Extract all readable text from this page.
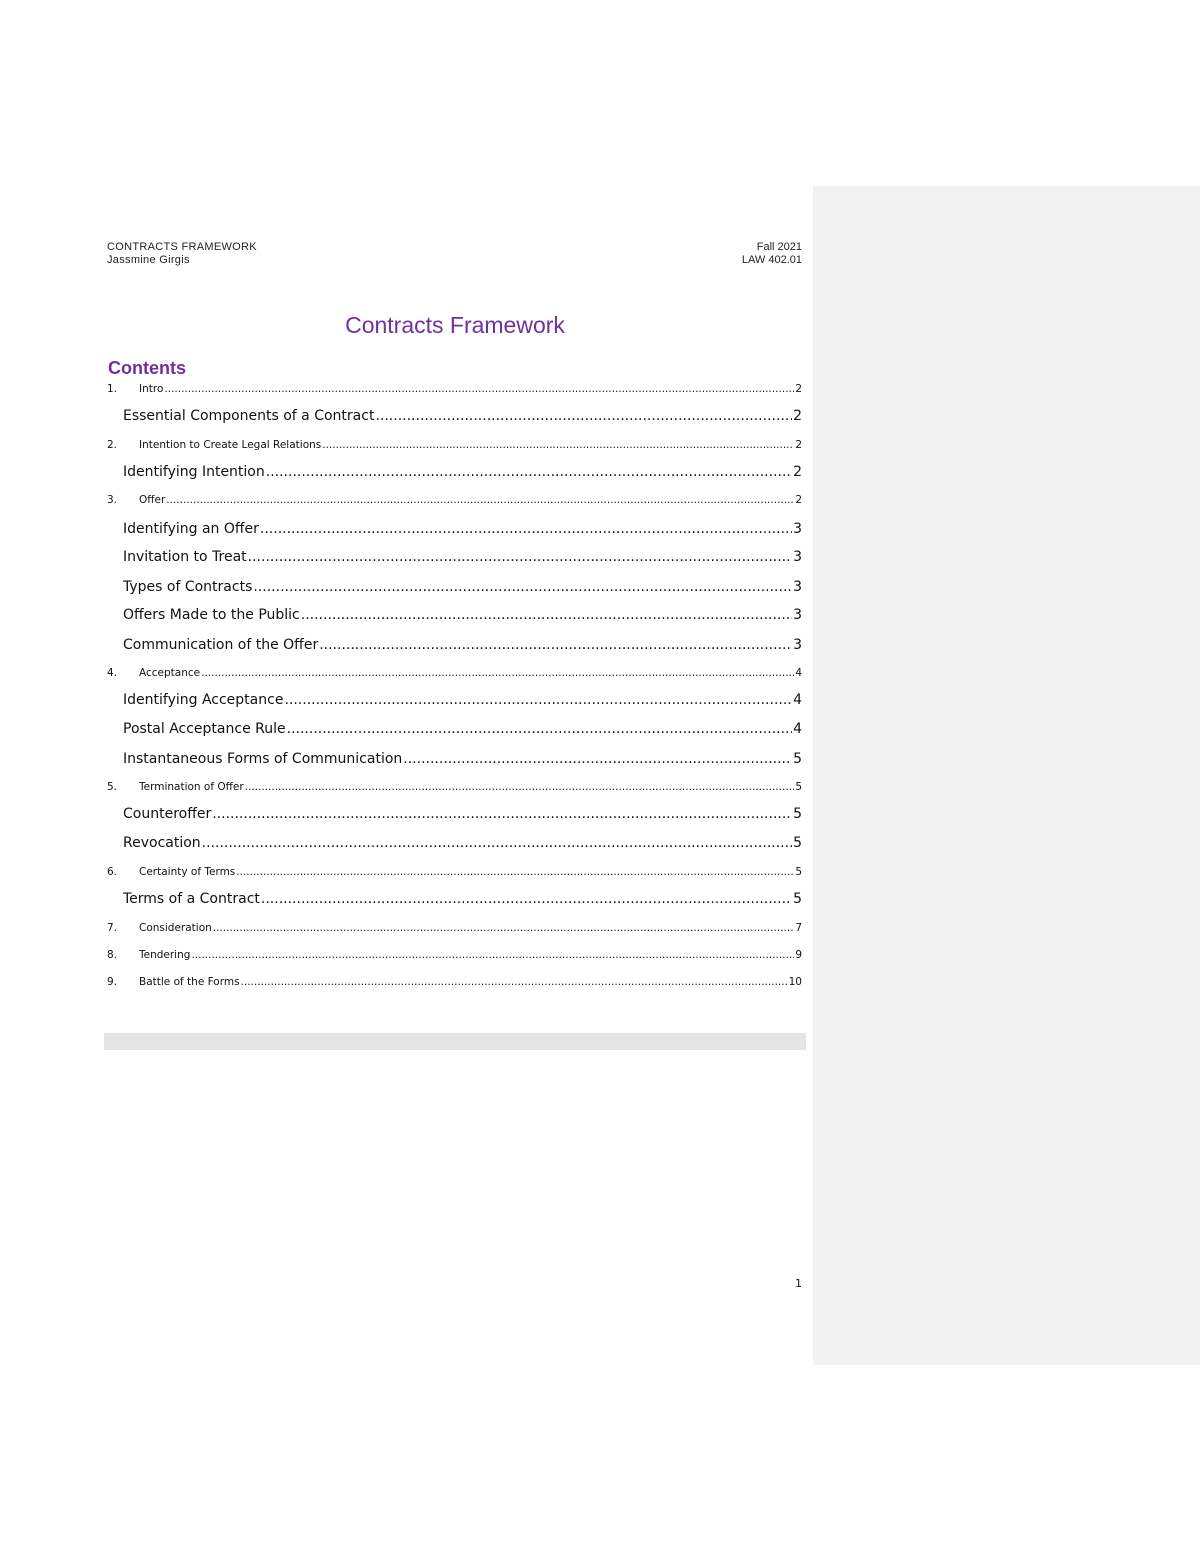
CONTRACTS FRAMEWORK
Jassmine Girgis
Fall 2021
LAW 402.01
Contracts Framework
Contents
1.	Intro .....	2
Essential Components of a Contract .....	2
2.	Intention to Create Legal Relations .....	2
Identifying Intention .....	2
3.	Offer .....	2
Identifying an Offer .....	3
Invitation to Treat .....	3
Types of Contracts .....	3
Offers Made to the Public .....	3
Communication of the Offer .....	3
4.	Acceptance .....	4
Identifying Acceptance .....	4
Postal Acceptance Rule .....	4
Instantaneous Forms of Communication .....	5
5.	Termination of Offer .....	5
Counteroffer .....	5
Revocation .....	5
6.	Certainty of Terms .....	5
Terms of a Contract .....	5
7.	Consideration .....	7
8.	Tendering .....	9
9.	Battle of the Forms .....	10
1
